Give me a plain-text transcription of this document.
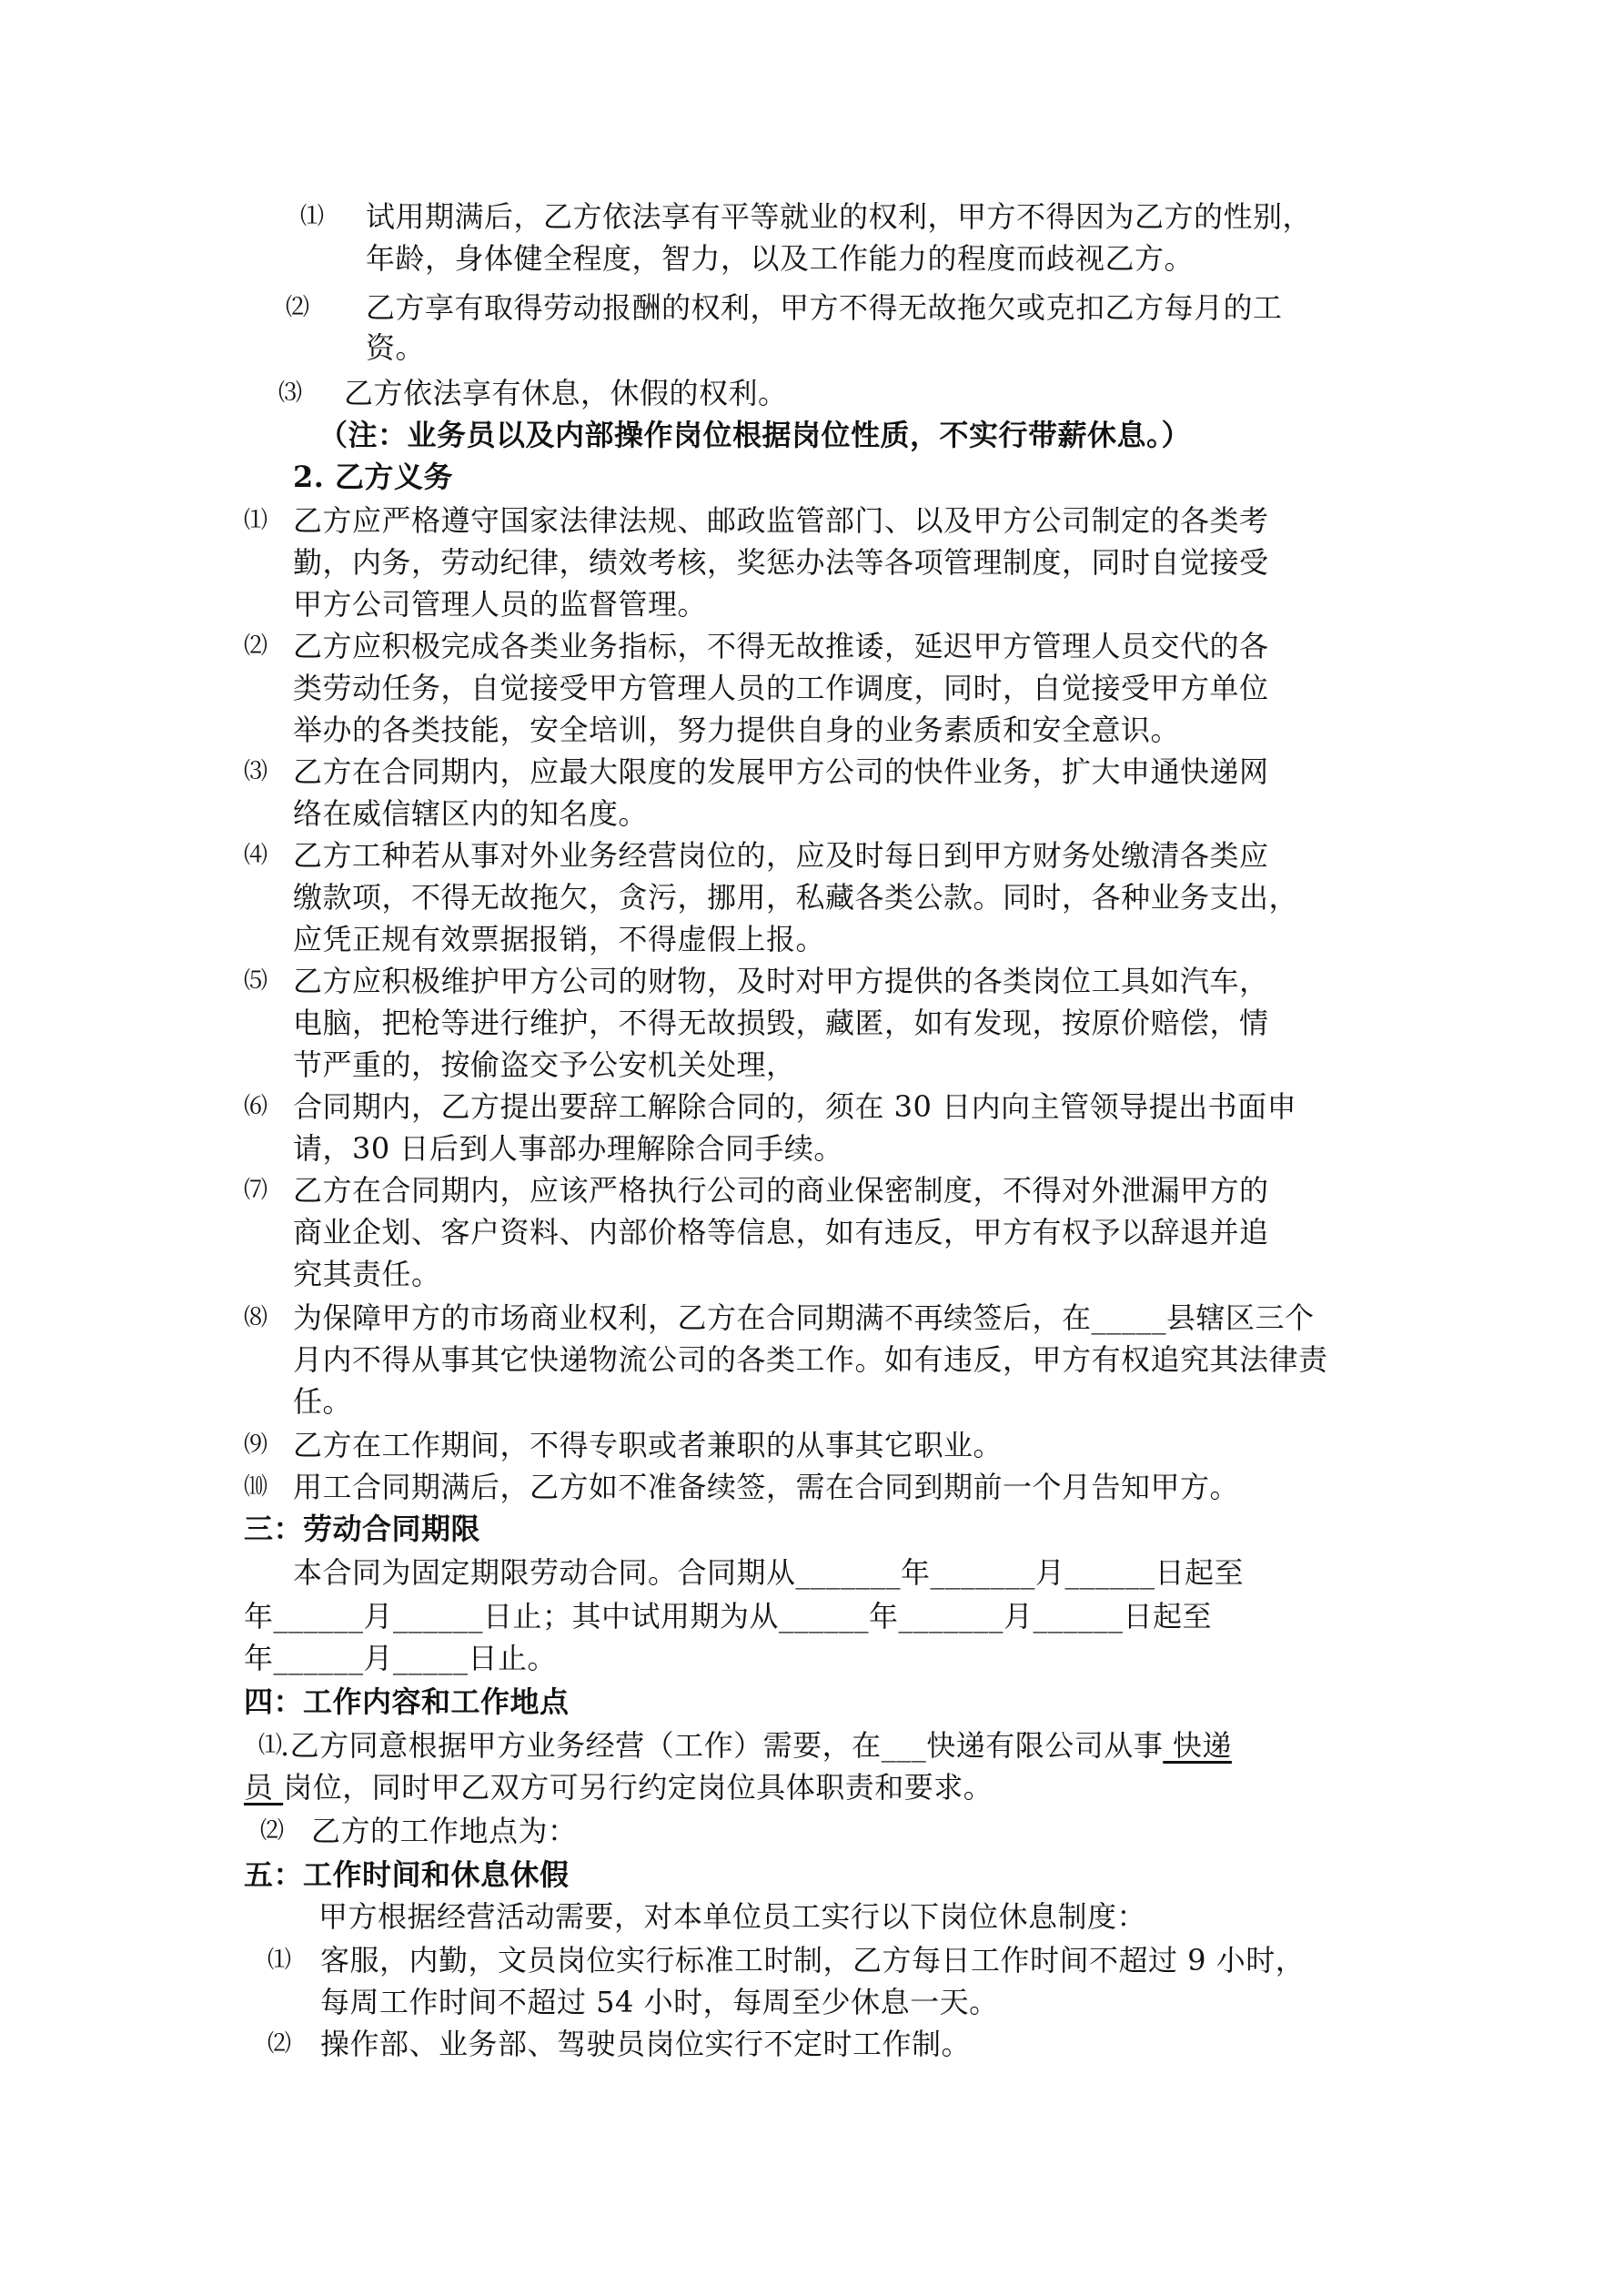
⑴ 试用期满后，乙方依法享有平等就业的权利，甲方不得因为乙方的性别，
年龄，身体健全程度，智力，以及工作能力的程度而歧视乙方。
⑵ 乙方享有取得劳动报酬的权利，甲方不得无故拖欠或克扣乙方每月的工
资。
⑶ 乙方依法享有休息，休假的权利。
（注：业务员以及内部操作岗位根据岗位性质，不实行带薪休息。）
2. 乙方义务
⑴ 乙方应严格遵守国家法律法规、邮政监管部门、以及甲方公司制定的各类考
勤，内务，劳动纪律，绩效考核，奖惩办法等各项管理制度，同时自觉接受
甲方公司管理人员的监督管理。
⑵ 乙方应积极完成各类业务指标，不得无故推诿，延迟甲方管理人员交代的各
类劳动任务，自觉接受甲方管理人员的工作调度，同时，自觉接受甲方单位
举办的各类技能，安全培训，努力提供自身的业务素质和安全意识。
⑶ 乙方在合同期内，应最大限度的发展甲方公司的快件业务，扩大申通快递网
络在威信辖区内的知名度。
⑷ 乙方工种若从事对外业务经营岗位的，应及时每日到甲方财务处缴清各类应
缴款项，不得无故拖欠，贪污，挪用，私藏各类公款。同时，各种业务支出，
应凭正规有效票据报销，不得虚假上报。
⑸ 乙方应积极维护甲方公司的财物，及时对甲方提供的各类岗位工具如汽车，
电脑，把枪等进行维护，不得无故损毁，藏匿，如有发现，按原价赔偿，情
节严重的，按偷盗交予公安机关处理，
⑹ 合同期内，乙方提出要辞工解除合同的，须在 30 日内向主管领导提出书面申
请，30 日后到人事部办理解除合同手续。
⑺ 乙方在合同期内，应该严格执行公司的商业保密制度，不得对外泄漏甲方的
商业企划、客户资料、内部价格等信息，如有违反，甲方有权予以辞退并追
究其责任。
⑻ 为保障甲方的市场商业权利，乙方在合同期满不再续签后，在_____县辖区三个
月内不得从事其它快递物流公司的各类工作。如有违反，甲方有权追究其法律责
任。
⑼ 乙方在工作期间，不得专职或者兼职的从事其它职业。
⑽ 用工合同期满后，乙方如不准备续签，需在合同到期前一个月告知甲方。
三：劳动合同期限
本合同为固定期限劳动合同。合同期从_______年_______月______日起至
年______月______日止；其中试用期为从______年_______月______日起至
年______月_____日止。
四：工作内容和工作地点
⑴
.乙方同意根据甲方业务经营（工作）需要，在___快递有限公司从事 快递
员 岗位，同时甲乙双方可另行约定岗位具体职责和要求。
⑵ 乙方的工作地点为：
五：工作时间和休息休假
甲方根据经营活动需要，对本单位员工实行以下岗位休息制度：
⑴ 客服，内勤，文员岗位实行标准工时制，乙方每日工作时间不超过 9 小时，
每周工作时间不超过 54 小时，每周至少休息一天。
⑵ 操作部、业务部、驾驶员岗位实行不定时工作制。
